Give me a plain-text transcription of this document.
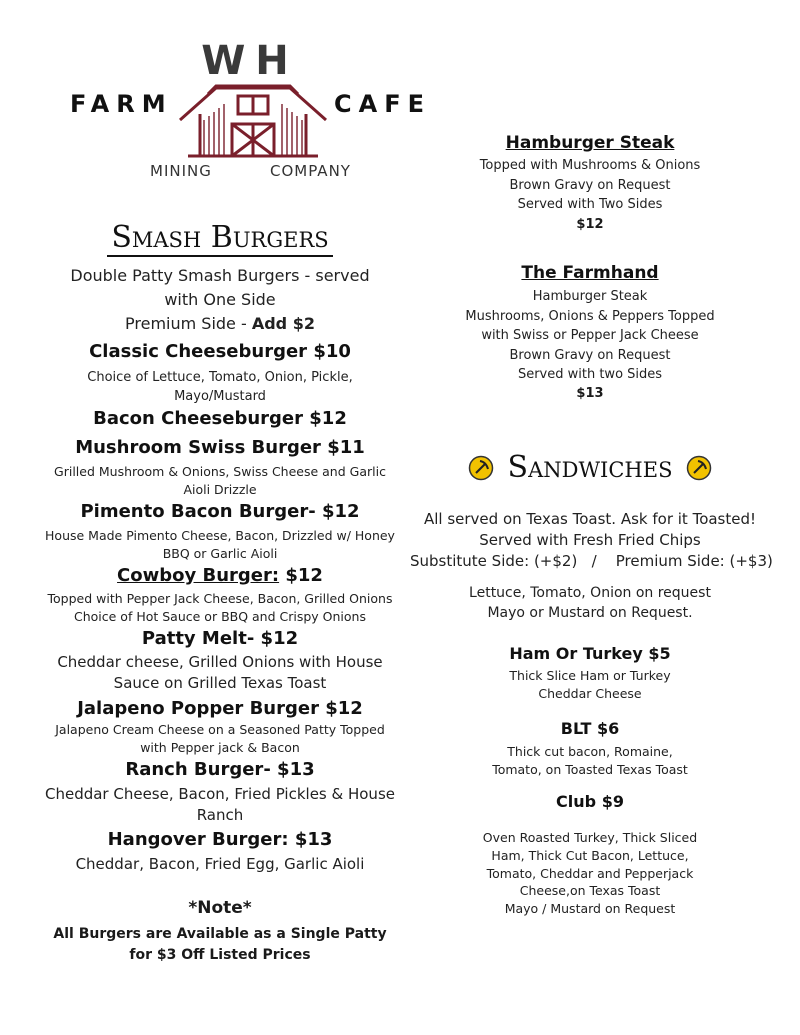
WH
FARM	CAFE
MINING	COMPANY
Smash Burgers
Double Patty Smash Burgers - served
with One Side
Premium Side - Add $2
Classic Cheeseburger $10
Choice of Lettuce, Tomato, Onion, Pickle,
Mayo/Mustard
Bacon Cheeseburger $12
Mushroom Swiss Burger $11
Grilled Mushroom & Onions, Swiss Cheese and Garlic
Aioli Drizzle
Pimento Bacon Burger- $12
House Made Pimento Cheese, Bacon, Drizzled w/ Honey
BBQ or Garlic Aioli
Cowboy Burger: $12
Topped with Pepper Jack Cheese, Bacon, Grilled Onions
Choice of Hot Sauce or BBQ and Crispy Onions
Patty Melt- $12
Cheddar cheese, Grilled Onions with House
Sauce on Grilled Texas Toast
Jalapeno Popper Burger $12
Jalapeno Cream Cheese on a Seasoned Patty Topped
with Pepper jack & Bacon
Ranch Burger- $13
Cheddar Cheese, Bacon, Fried Pickles & House
Ranch
Hangover Burger: $13
Cheddar, Bacon, Fried Egg, Garlic Aioli
*Note*
All Burgers are Available as a Single Patty
for $3 Off Listed Prices
Hamburger Steak
Topped with Mushrooms & Onions
Brown Gravy on Request
Served with Two Sides
$12
The Farmhand
Hamburger Steak
Mushrooms, Onions & Peppers Topped
with Swiss or Pepper Jack Cheese
Brown Gravy on Request
Served with two Sides
$13
Sandwiches
All served on Texas Toast. Ask for it Toasted!
Served with Fresh Fried Chips
Substitute Side: (+$2)   /    Premium Side: (+$3)
Lettuce, Tomato, Onion on request
Mayo or Mustard on Request.
Ham Or Turkey $5
Thick Slice Ham or Turkey
Cheddar Cheese
BLT $6
Thick cut bacon, Romaine,
Tomato, on Toasted Texas Toast
Club $9
Oven Roasted Turkey, Thick Sliced
Ham, Thick Cut Bacon, Lettuce,
Tomato, Cheddar and Pepperjack
Cheese,on Texas Toast
Mayo / Mustard on Request
